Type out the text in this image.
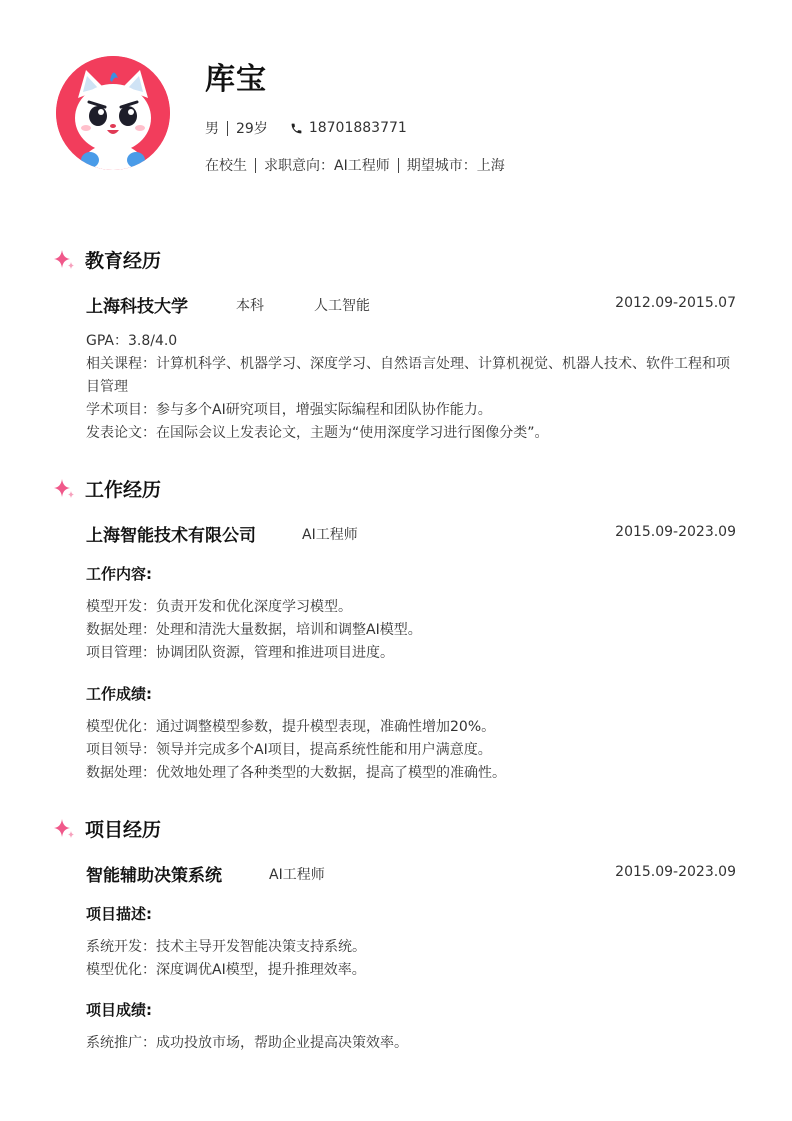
库宝
男 29岁	18701883771
在校生 求职意向：AI工程师 期望城市：上海
教育经历
上海科技大学	本科	人工智能	2012.09-2015.07
GPA：3.8/4.0
相关课程：计算机科学、机器学习、深度学习、自然语言处理、计算机视觉、机器人技术、软件工程和项目管理
学术项目：参与多个AI研究项目，增强实际编程和团队协作能力。
发表论文：在国际会议上发表论文，主题为“使用深度学习进行图像分类”。
工作经历
上海智能技术有限公司	AI工程师	2015.09-2023.09
工作内容:
模型开发：负责开发和优化深度学习模型。
数据处理：处理和清洗大量数据，培训和调整AI模型。
项目管理：协调团队资源，管理和推进项目进度。
工作成绩:
模型优化：通过调整模型参数，提升模型表现，准确性增加20%。
项目领导：领导并完成多个AI项目，提高系统性能和用户满意度。
数据处理：优效地处理了各种类型的大数据，提高了模型的准确性。
项目经历
智能辅助决策系统	AI工程师	2015.09-2023.09
项目描述:
系统开发：技术主导开发智能决策支持系统。
模型优化：深度调优AI模型，提升推理效率。
项目成绩:
系统推广：成功投放市场，帮助企业提高决策效率。
